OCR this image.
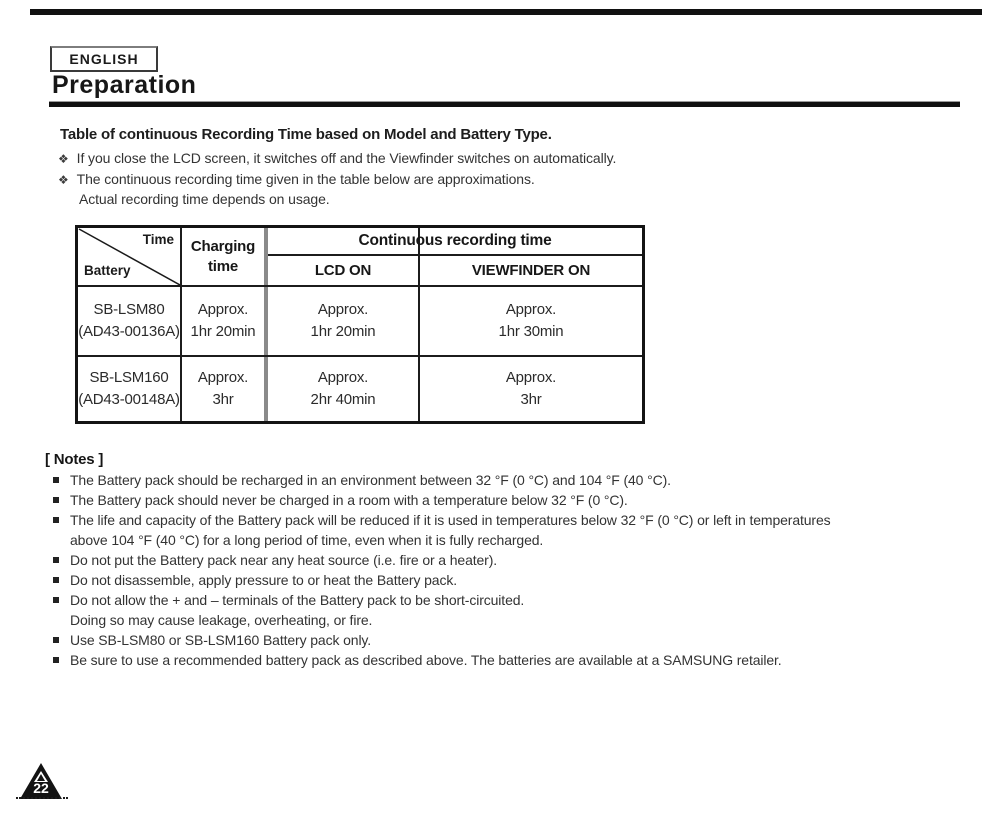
ENGLISH
Preparation
Table of continuous Recording Time based on Model and Battery Type.
❖ If you close the LCD screen, it switches off and the Viewfinder switches on automatically.
❖ The continuous recording time given in the table below are approximations.
Actual recording time depends on usage.
Time
Battery
Charging
time
Continuous recording time
LCD ON	VIEWFINDER ON
SB-LSM80
(AD43-00136A)
Approx.
1hr 20min
Approx.
1hr 20min
Approx.
1hr 30min
SB-LSM160
(AD43-00148A)
Approx.
3hr
Approx.
2hr 40min
Approx.
3hr
[ Notes ]
The Battery pack should be recharged in an environment between 32 °F (0 °C) and 104 °F (40 °C).
The Battery pack should never be charged in a room with a temperature below 32 °F (0 °C).
The life and capacity of the Battery pack will be reduced if it is used in temperatures below 32 °F (0 °C) or left in temperatures
above 104 °F (40 °C) for a long period of time, even when it is fully recharged.
Do not put the Battery pack near any heat source (i.e. fire or a heater).
Do not disassemble, apply pressure to or heat the Battery pack.
Do not allow the + and – terminals of the Battery pack to be short-circuited.
Doing so may cause leakage, overheating, or fire.
Use SB-LSM80 or SB-LSM160 Battery pack only.
Be sure to use a recommended battery pack as described above. The batteries are available at a SAMSUNG retailer.
22
